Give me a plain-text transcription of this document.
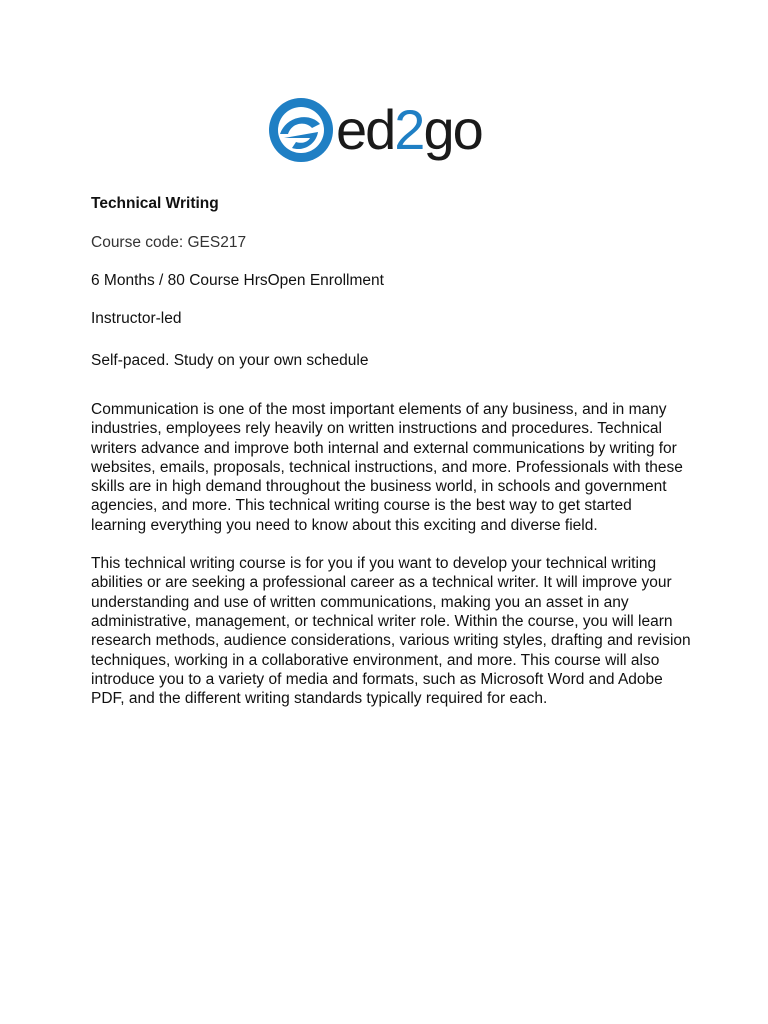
ed2go

Technical Writing

Course code: GES217

6 Months / 80 Course HrsOpen Enrollment

Instructor-led

Self-paced. Study on your own schedule

Communication is one of the most important elements of any business, and in many industries, employees rely heavily on written instructions and procedures. Technical writers advance and improve both internal and external communications by writing for websites, emails, proposals, technical instructions, and more. Professionals with these skills are in high demand throughout the business world, in schools and government agencies, and more. This technical writing course is the best way to get started learning everything you need to know about this exciting and diverse field.

This technical writing course is for you if you want to develop your technical writing abilities or are seeking a professional career as a technical writer. It will improve your understanding and use of written communications, making you an asset in any administrative, management, or technical writer role. Within the course, you will learn research methods, audience considerations, various writing styles, drafting and revision techniques, working in a collaborative environment, and more. This course will also introduce you to a variety of media and formats, such as Microsoft Word and Adobe PDF, and the different writing standards typically required for each.
